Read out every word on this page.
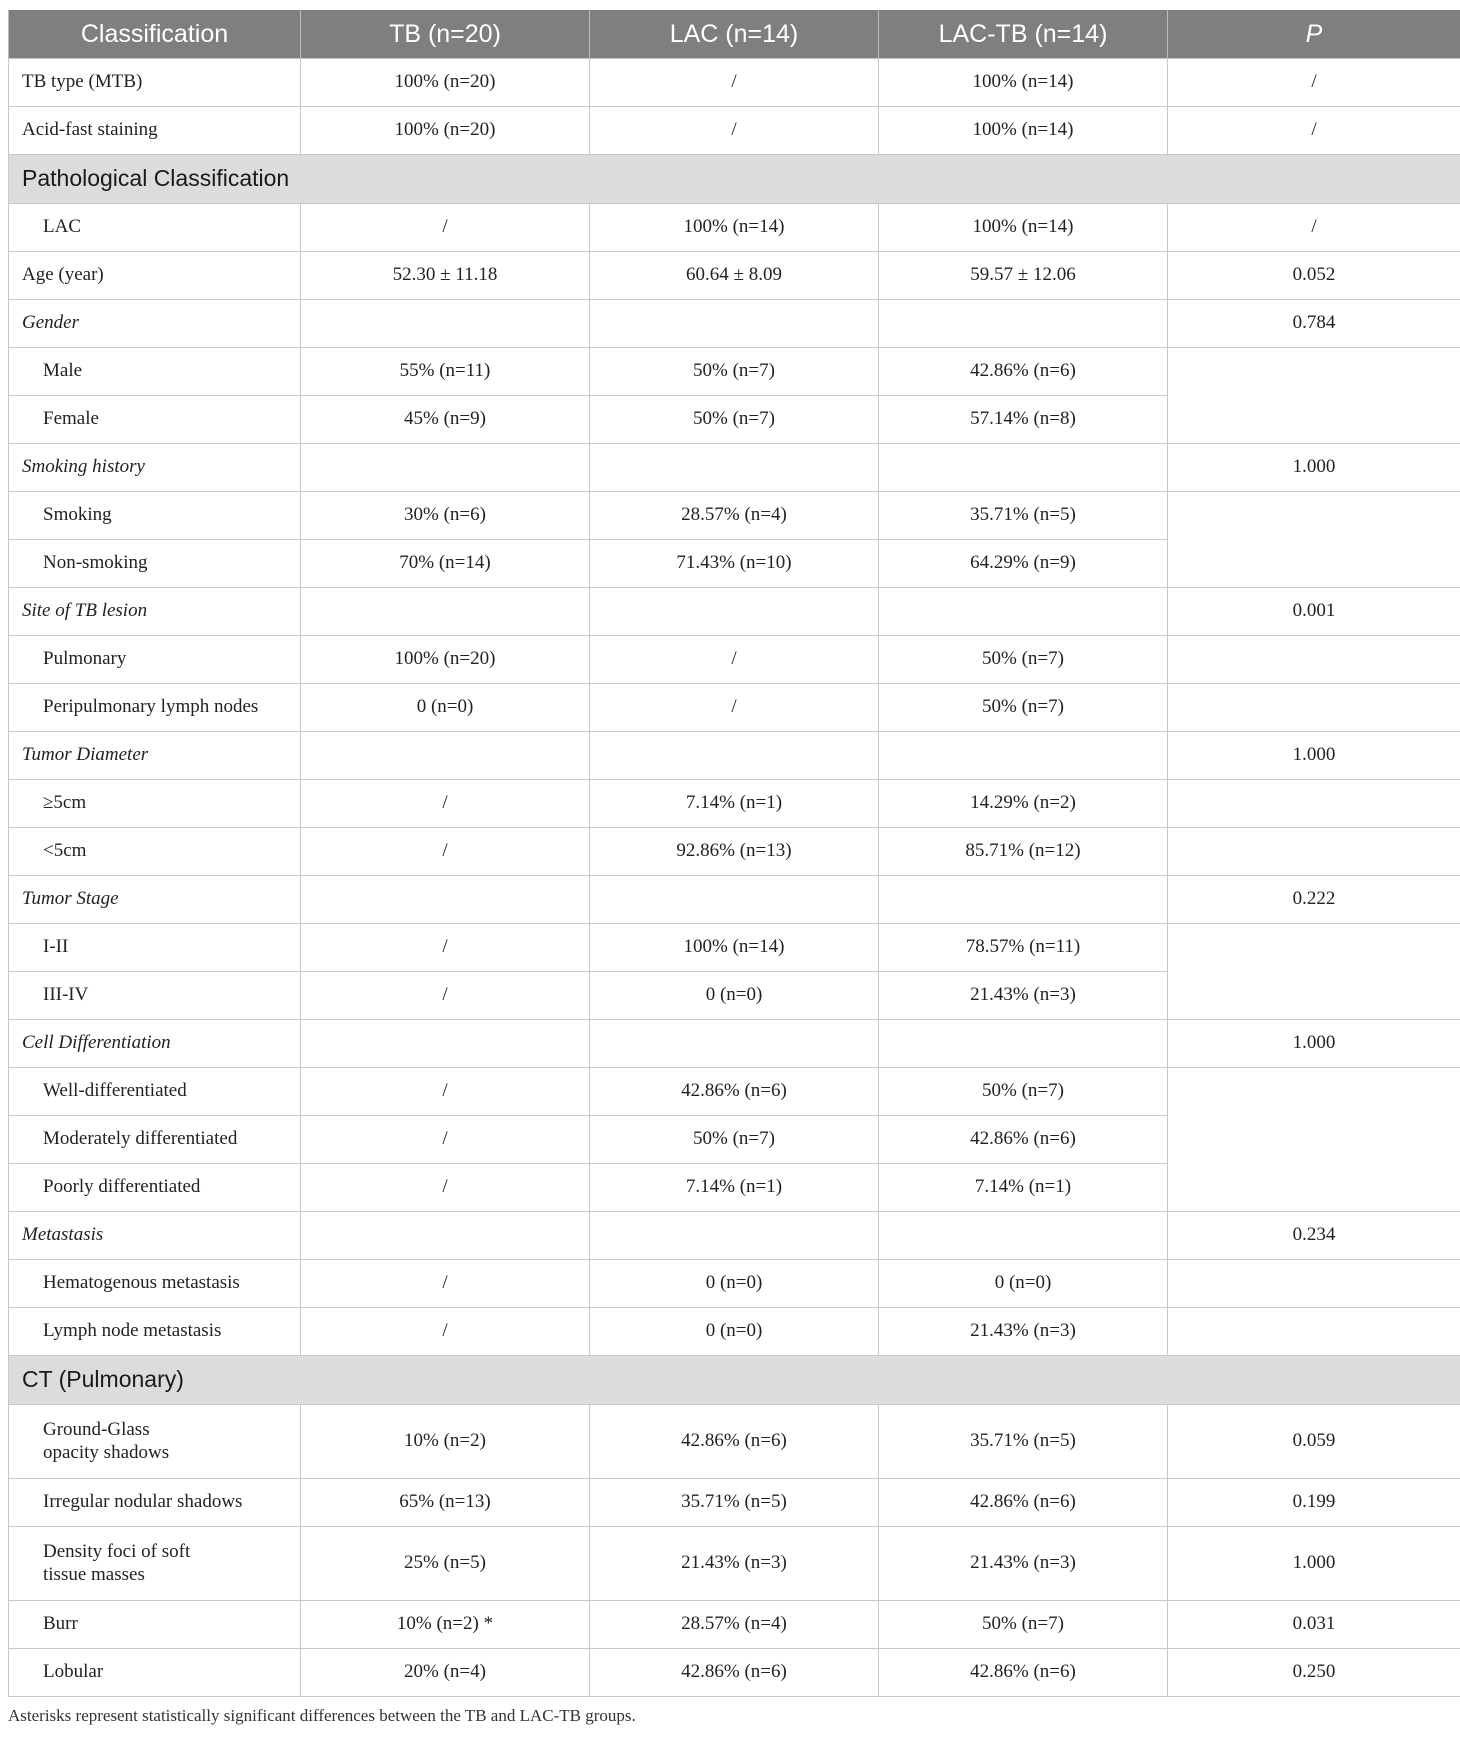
Classification	TB (n=20)	LAC (n=14)	LAC-TB (n=14)	P
TB type (MTB)	100% (n=20)	/	100% (n=14)	/
Acid-fast staining	100% (n=20)	/	100% (n=14)	/
Pathological Classification				
LAC	/	100% (n=14)	100% (n=14)	/
Age (year)	52.30 ± 11.18	60.64 ± 8.09	59.57 ± 12.06	0.052
Gender				0.784
Male	55% (n=11)	50% (n=7)	42.86% (n=6)	
Female	45% (n=9)	50% (n=7)	57.14% (n=8)	
Smoking history				1.000
Smoking	30% (n=6)	28.57% (n=4)	35.71% (n=5)	
Non-smoking	70% (n=14)	71.43% (n=10)	64.29% (n=9)	
Site of TB lesion				0.001
Pulmonary	100% (n=20)	/	50% (n=7)	
Peripulmonary lymph nodes	0 (n=0)	/	50% (n=7)	
Tumor Diameter				1.000
≥5cm	/	7.14% (n=1)	14.29% (n=2)	
<5cm	/	92.86% (n=13)	85.71% (n=12)	
Tumor Stage				0.222
I-II	/	100% (n=14)	78.57% (n=11)	
III-IV	/	0 (n=0)	21.43% (n=3)	
Cell Differentiation				1.000
Well-differentiated	/	42.86% (n=6)	50% (n=7)	
Moderately differentiated	/	50% (n=7)	42.86% (n=6)	
Poorly differentiated	/	7.14% (n=1)	7.14% (n=1)	
Metastasis				0.234
Hematogenous metastasis	/	0 (n=0)	0 (n=0)	
Lymph node metastasis	/	0 (n=0)	21.43% (n=3)	
CT (Pulmonary)				

Ground-Glass
opacity shadows	10% (n=2)	42.86% (n=6)	35.71% (n=5)	0.059
Irregular nodular shadows	65% (n=13)	35.71% (n=5)	42.86% (n=6)	0.199

Density foci of soft
tissue masses	25% (n=5)	21.43% (n=3)	21.43% (n=3)	1.000
Burr	10% (n=2) *	28.57% (n=4)	50% (n=7)	0.031
Lobular	20% (n=4)	42.86% (n=6)	42.86% (n=6)	0.250
Asterisks represent statistically significant differences between the TB and LAC-TB groups.
